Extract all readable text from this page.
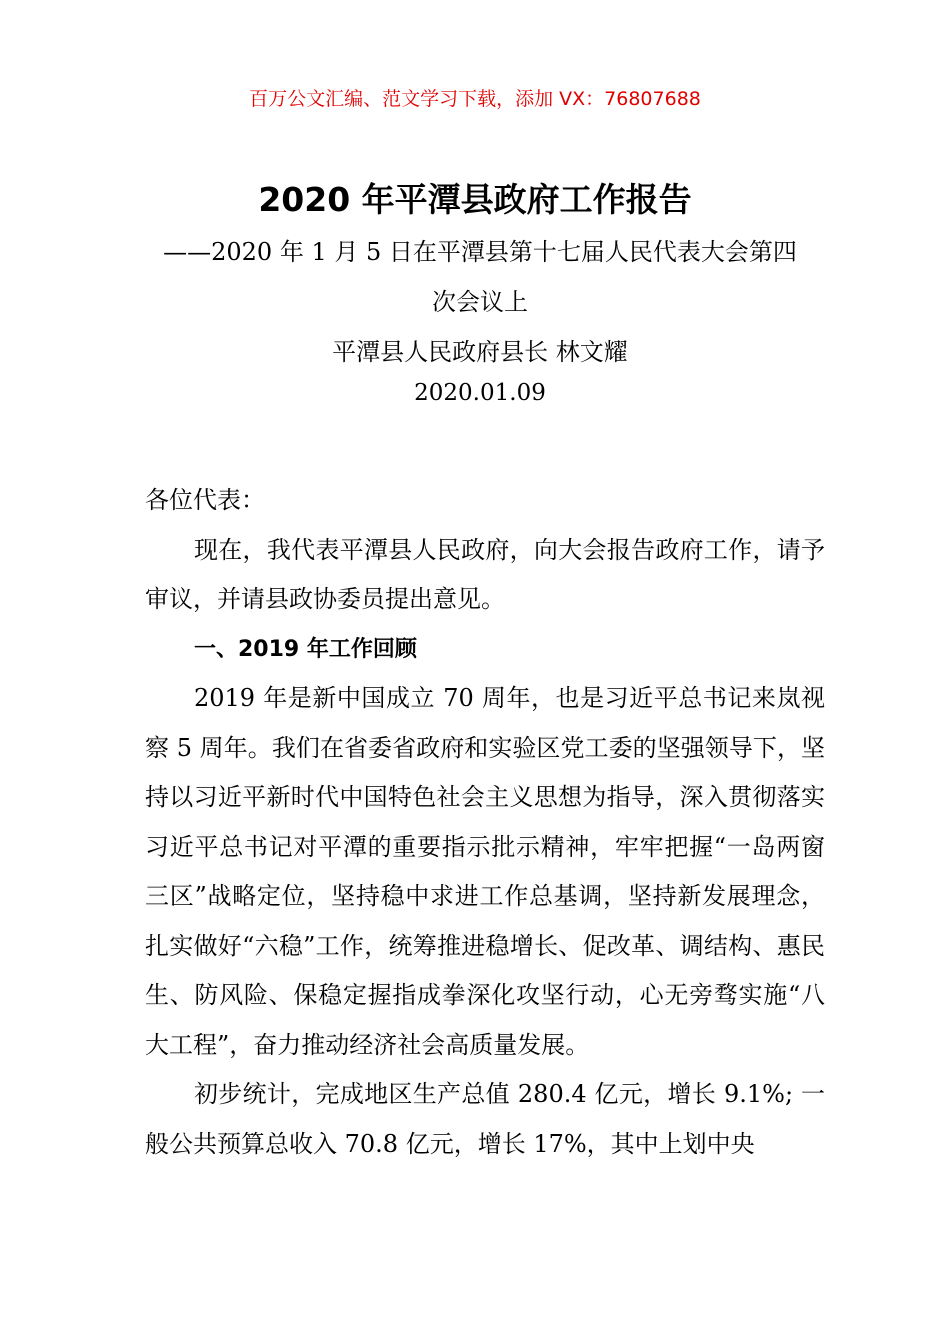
百万公文汇编、范文学习下载，添加 VX：76807688
2020 年平潭县政府工作报告
——2020 年 1 月 5 日在平潭县第十七届人民代表大会第四
次会议上
平潭县人民政府县长 林文耀
2020.01.09

各位代表：

现在，我代表平潭县人民政府，向大会报告政府工作，请予审议，并请县政协委员提出意见。

一、2019 年工作回顾

2019 年是新中国成立 70 周年，也是习近平总书记来岚视察 5 周年。我们在省委省政府和实验区党工委的坚强领导下，坚持以习近平新时代中国特色社会主义思想为指导，深入贯彻落实习近平总书记对平潭的重要指示批示精神，牢牢把握“一岛两窗三区”战略定位，坚持稳中求进工作总基调，坚持新发展理念，扎实做好“六稳”工作，统筹推进稳增长、促改革、调结构、惠民生、防风险、保稳定握指成拳深化攻坚行动，心无旁骛实施“八大工程”，奋力推动经济社会高质量发展。

初步统计，完成地区生产总值 280.4 亿元，增长 9.1%; 一般公共预算总收入 70.8 亿元，增长 17%，其中上划中央
